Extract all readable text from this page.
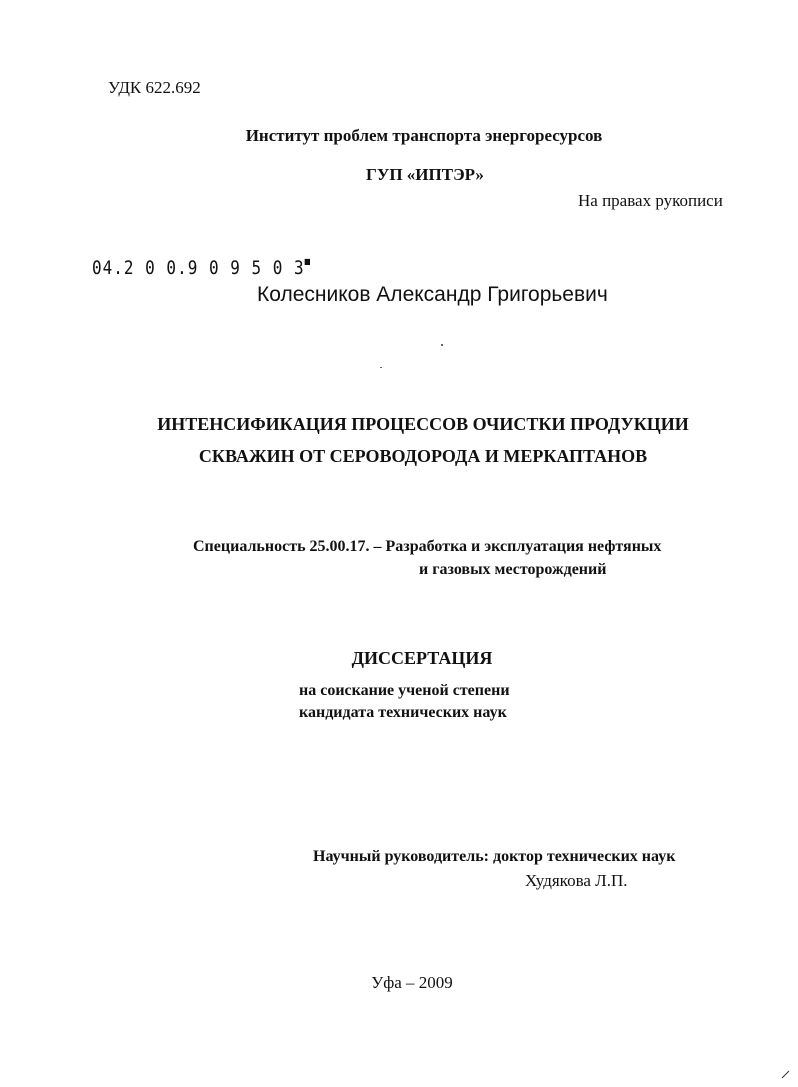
УДК 622.692
Институт проблем транспорта энергоресурсов
ГУП «ИПТЭР»
На правах рукописи
04.2 0 0.9 0 9 5 0 3■
Колесников Александр Григорьевич
ИНТЕНСИФИКАЦИЯ ПРОЦЕССОВ ОЧИСТКИ ПРОДУКЦИИ
СКВАЖИН ОТ СЕРОВОДОРОДА И МЕРКАПТАНОВ
Специальность 25.00.17. – Разработка и эксплуатация нефтяных
и газовых месторождений
ДИССЕРТАЦИЯ
на соискание ученой степени
кандидата технических наук
Научный руководитель: доктор технических наук
Худякова Л.П.
Уфа – 2009
